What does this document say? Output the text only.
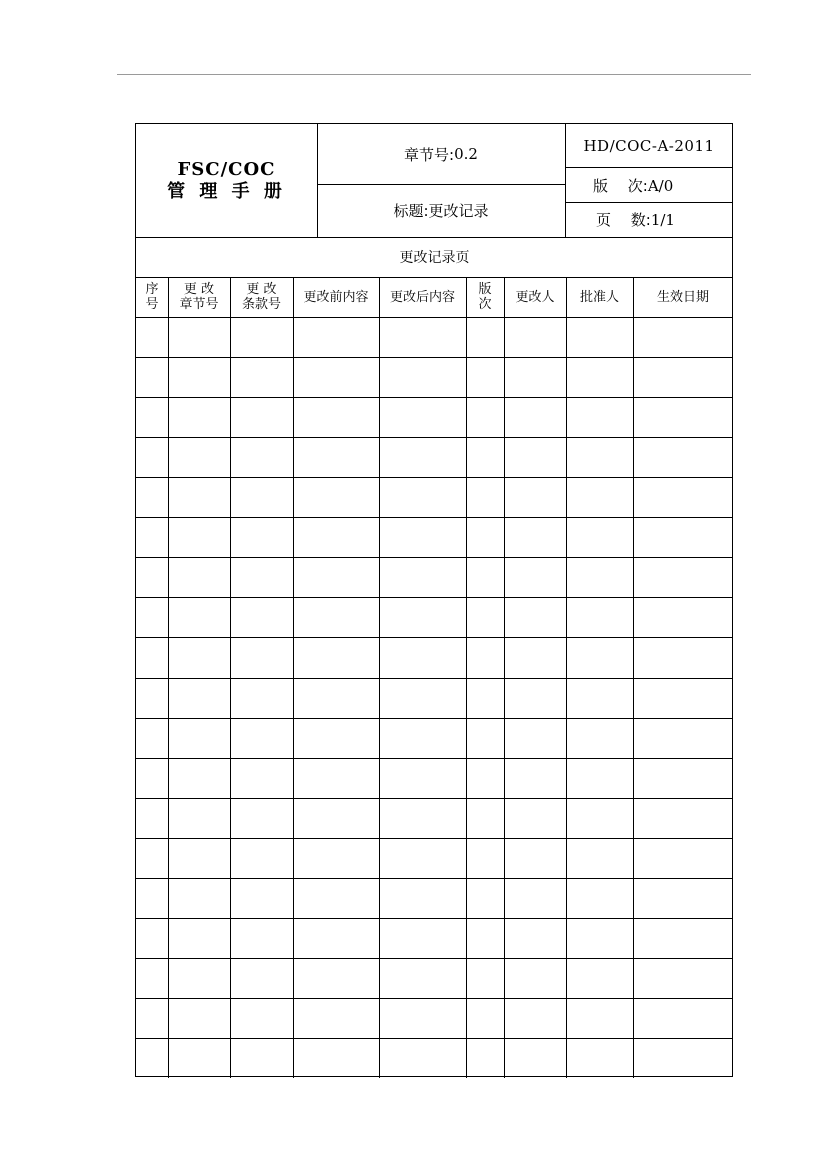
FSC/COC
管 理 手 册
章节号: 0.2
标题: 更改记录
HD/COC-A-2011
版　 次:A/0
页　 数:1/1
更改记录页
序
号
更 改
章节号
更 改
条款号 更改前内容 更改后内容 版
次 更改人 批准人	生效日期
